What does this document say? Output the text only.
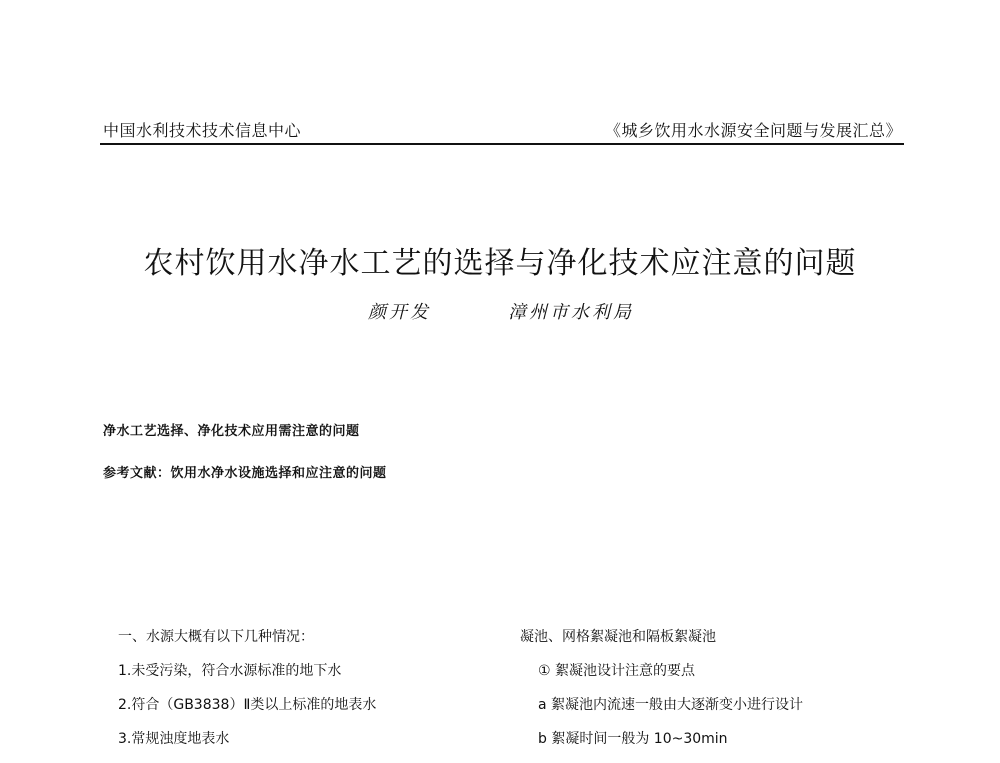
中国水利技术技术信息中心	《城乡饮用水水源安全问题与发展汇总》
农村饮用水净水工艺的选择与净化技术应注意的问题
颜开发	漳州市水利局
净水工艺选择、净化技术应用需注意的问题
参考文献：饮用水净水设施选择和应注意的问题
一、水源大概有以下几种情况：
1.未受污染，符合水源标准的地下水
2.符合（GB3838）Ⅱ类以上标准的地表水
3.常规浊度地表水
凝池、网格絮凝池和隔板絮凝池
① 絮凝池设计注意的要点
a 絮凝池内流速一般由大逐渐变小进行设计
b 絮凝时间一般为 10~30min
